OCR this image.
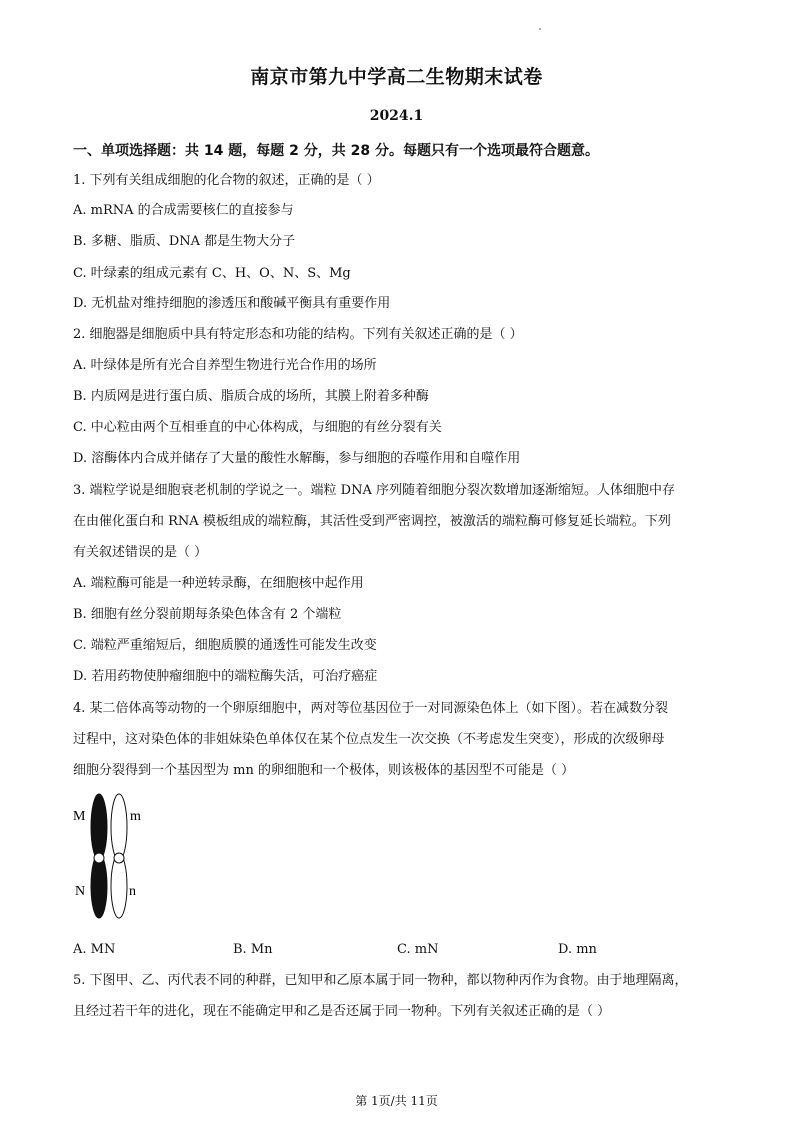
南京市第九中学高二生物期末试卷
2024.1
一、单项选择题：共 14 题，每题 2 分，共 28 分。每题只有一个选项最符合题意。
1. 下列有关组成细胞的化合物的叙述，正确的是（ ）
A. mRNA 的合成需要核仁的直接参与
B. 多糖、脂质、DNA 都是生物大分子
C. 叶绿素的组成元素有 C、H、O、N、S、Mg
D. 无机盐对维持细胞的渗透压和酸碱平衡具有重要作用
2. 细胞器是细胞质中具有特定形态和功能的结构。下列有关叙述正确的是（ ）
A. 叶绿体是所有光合自养型生物进行光合作用的场所
B. 内质网是进行蛋白质、脂质合成的场所，其膜上附着多种酶
C. 中心粒由两个互相垂直的中心体构成，与细胞的有丝分裂有关
D. 溶酶体内合成并储存了大量的酸性水解酶，参与细胞的吞噬作用和自噬作用
3. 端粒学说是细胞衰老机制的学说之一。端粒 DNA 序列随着细胞分裂次数增加逐渐缩短。人体细胞中存
在由催化蛋白和 RNA 模板组成的端粒酶，其活性受到严密调控，被激活的端粒酶可修复延长端粒。下列
有关叙述错误的是（ ）
A. 端粒酶可能是一种逆转录酶，在细胞核中起作用
B. 细胞有丝分裂前期每条染色体含有 2 个端粒
C. 端粒严重缩短后，细胞质膜的通透性可能发生改变
D. 若用药物使肿瘤细胞中的端粒酶失活，可治疗癌症
4. 某二倍体高等动物的一个卵原细胞中，两对等位基因位于一对同源染色体上（如下图）。若在减数分裂
过程中，这对染色体的非姐妹染色单体仅在某个位点发生一次交换（不考虑发生突变），形成的次级卵母
细胞分裂得到一个基因型为 mn 的卵细胞和一个极体，则该极体的基因型不可能是（ ）
M	m
N	n
A. MN	B. Mn	C. mN	D. mn
5. 下图甲、乙、丙代表不同的种群，已知甲和乙原本属于同一物种，都以物种丙作为食物。由于地理隔离，
且经过若干年的进化，现在不能确定甲和乙是否还属于同一物种。下列有关叙述正确的是（ ）
第 1页/共 11页
